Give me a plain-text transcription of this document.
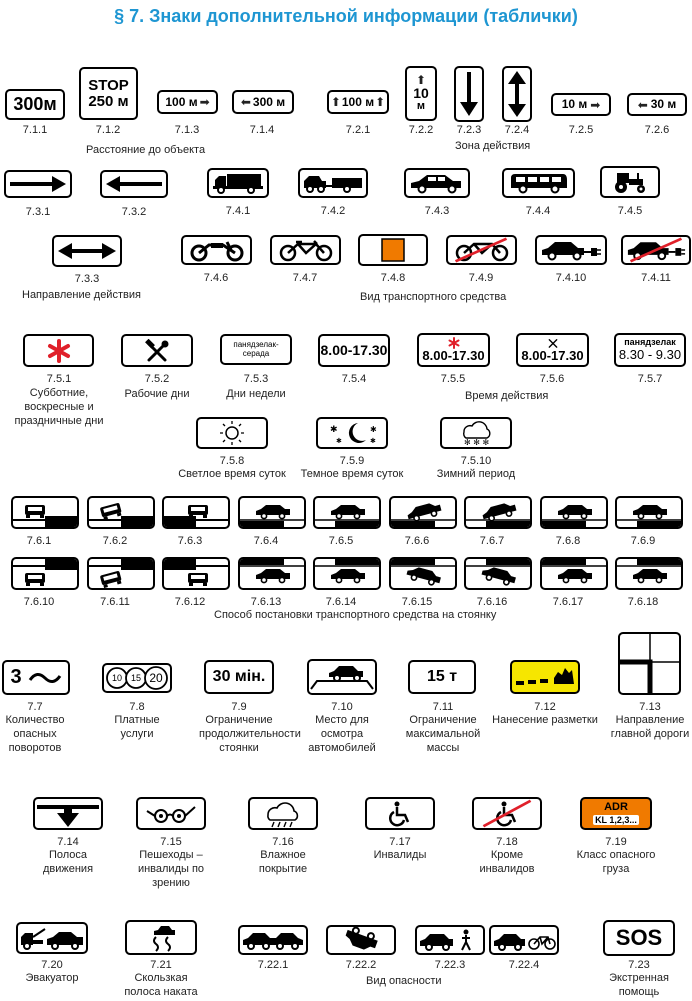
§ 7. Знаки дополнительной информации (таблички)
300м
7.1.1
STOP
250 м
7.1.2
100 м ➡
7.1.3
⬅ 300 м
7.1.4
Расстояние до объекта
⬆ 100 м ⬆
7.2.1
⬆
10
м
7.2.2	7.2.3	7.2.4
Зона действия
10 м ➡
7.2.5
⬅ 30 м
7.2.6
7.3.1	7.3.2	7.4.1	7.4.2	7.4.3	7.4.4	7.4.5
7.3.3
Направление действия
7.4.6	7.4.7	7.4.8	7.4.9	7.4.10	7.4.11
Вид транспортного средства
7.5.1
Субботние, воскресные и праздничные дни
7.5.2
Рабочие дни
панядзелак-серада
7.5.3
Дни недели
8.00-17.30
7.5.4
8.00-17.30
7.5.5
8.00-17.30
7.5.6
панядзелак
8.30 - 9.30
7.5.7
Время действия
7.5.8
Светлое время суток
✱	✱
✱	✱
7.5.9
Темное время суток
✻ ✻ ✻
7.5.10
Зимний период
7.6.1	7.6.2	7.6.3	7.6.4	7.6.5	7.6.6	7.6.7	7.6.8	7.6.9
7.6.10	7.6.11	7.6.12	7.6.13	7.6.14	7.6.15	7.6.16	7.6.17	7.6.18
Способ постановки транспортного средства на стоянку
3
7.7
Количество опасных поворотов
10 15 20
7.8
Платные услуги
30 мін.
7.9
Ограничение продолжительности стоянки
7.10
Место для осмотра автомобилей
15 т
7.11
Ограничение максимальной массы
7.12
Нанесение разметки
7.13
Направление главной дороги
7.14
Полоса движения
7.15
Пешеходы – инвалиды по зрению
7.16
Влажное покрытие
7.17
Инвалиды
7.18
Кроме инвалидов
ADR
KL 1,2,3...
7.19
Класс опасного груза
7.20
Эвакуатор
7.21
Скользкая полоса наката
7.22.1	7.22.2	7.22.3	7.22.4
Вид опасности
SOS
7.23
Экстренная помощь
